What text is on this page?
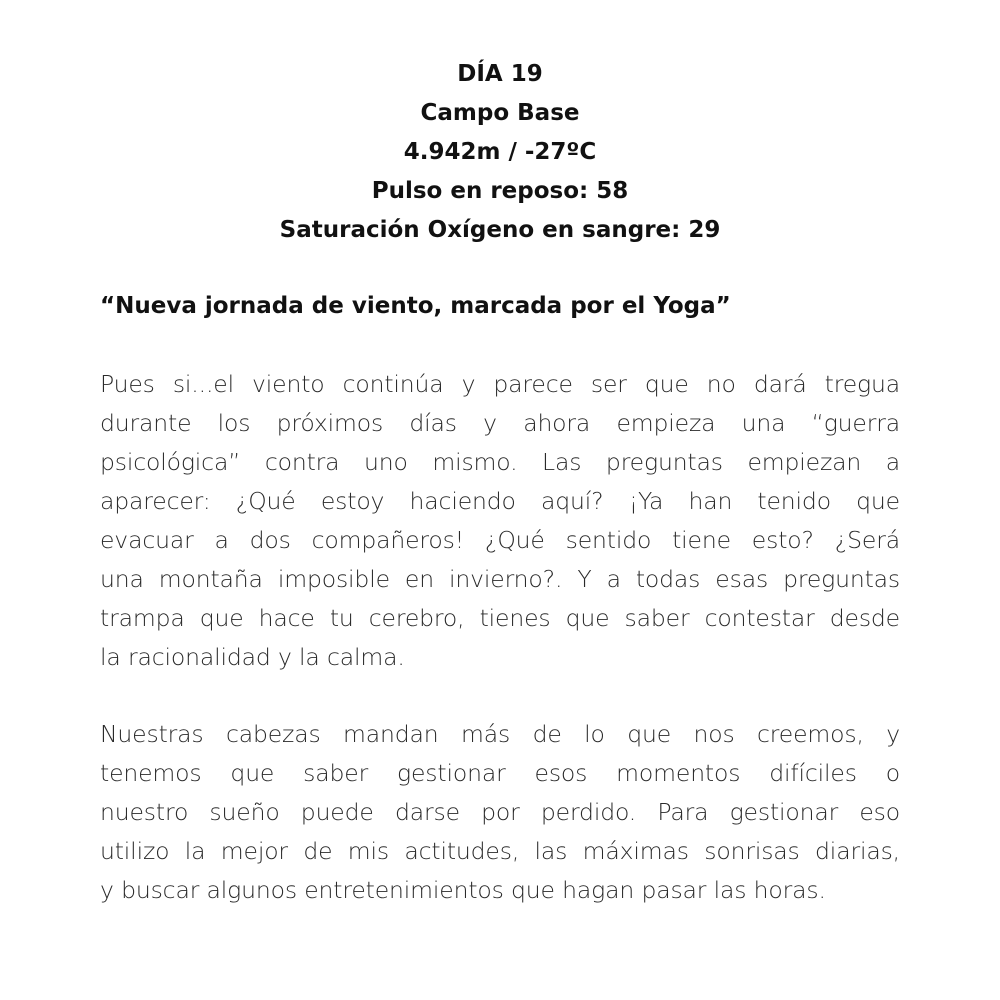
DÍA 19
Campo Base
4.942m / -27ºC
Pulso en reposo: 58
Saturación Oxígeno en sangre: 29
“Nueva jornada de viento, marcada por el Yoga”
Pues si...el viento continúa y parece ser que no dará tregua
durante los próximos días y ahora empieza una “guerra
psicológica” contra uno mismo. Las preguntas empiezan a
aparecer: ¿Qué estoy haciendo aquí? ¡Ya han tenido que
evacuar a dos compañeros! ¿Qué sentido tiene esto? ¿Será
una montaña imposible en invierno?. Y a todas esas preguntas
trampa que hace tu cerebro, tienes que saber contestar desde
la racionalidad y la calma.
Nuestras cabezas mandan más de lo que nos creemos, y
tenemos que saber gestionar esos momentos difíciles o
nuestro sueño puede darse por perdido. Para gestionar eso
utilizo la mejor de mis actitudes, las máximas sonrisas diarias,
y buscar algunos entretenimientos que hagan pasar las horas.
